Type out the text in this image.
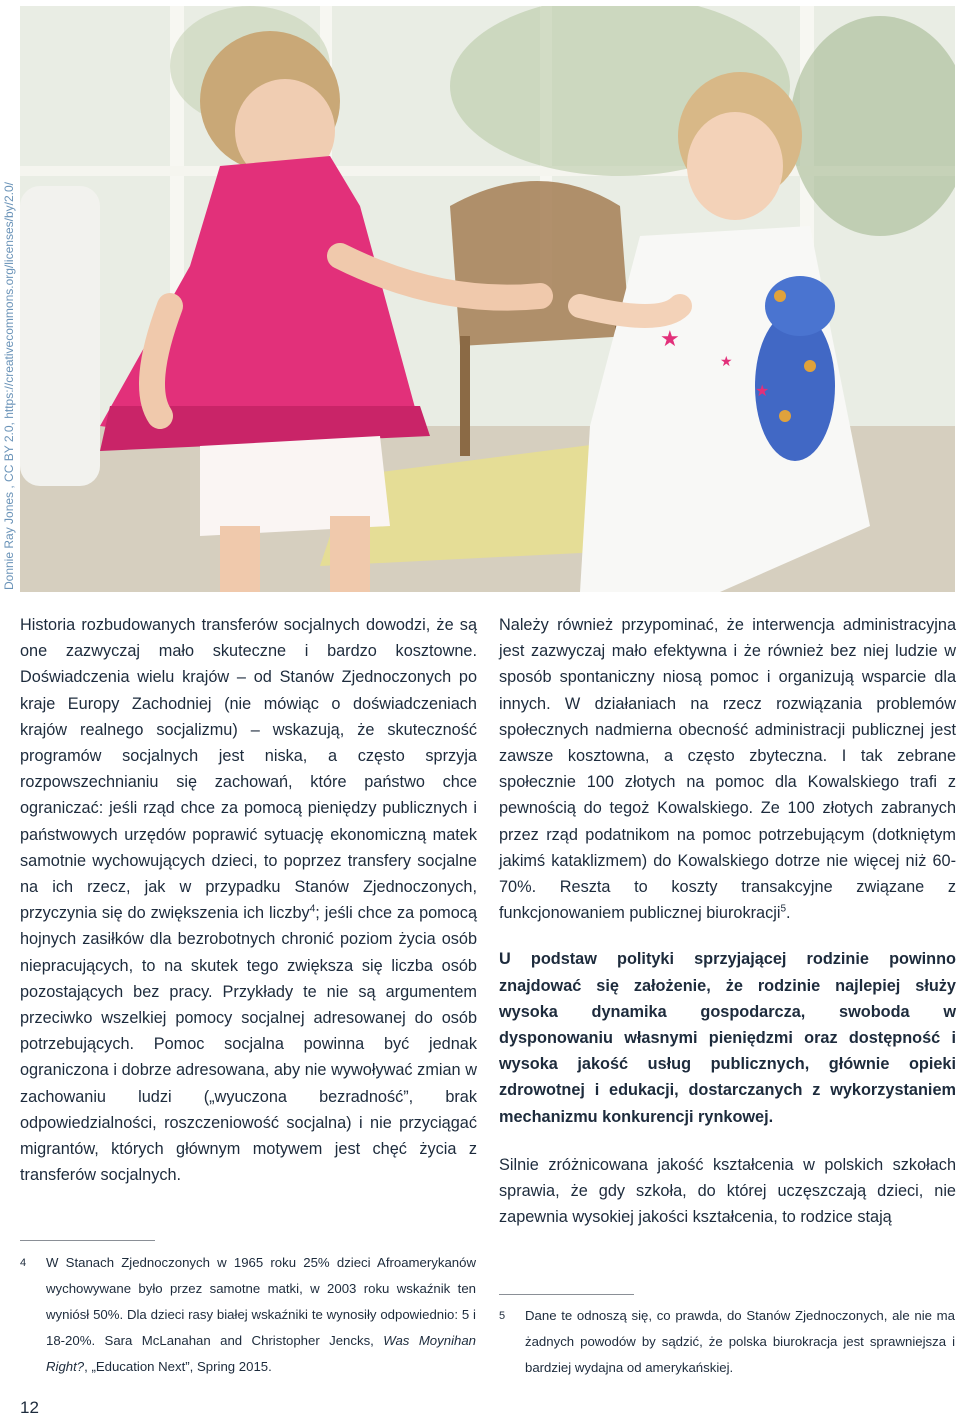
★
★
★
Donnie Ray Jones , CC BY 2.0, https://creativecommons.org/licenses/by/2.0/

Historia rozbudowanych transferów socjalnych dowodzi, że są one zazwyczaj mało skuteczne i bardzo kosztowne. Doświadczenia wielu krajów – od Stanów Zjednoczonych po kraje Europy Zachodniej (nie mówiąc o doświadczeniach krajów realnego socjalizmu) – wskazują, że skuteczność programów socjalnych jest niska, a często sprzyja rozpowszechnianiu się zachowań, które państwo chce ograniczać: jeśli rząd chce za pomocą pieniędzy publicznych i państwowych urzędów poprawić sytuację ekonomiczną matek samotnie wychowujących dzieci, to poprzez transfery socjalne na ich rzecz, jak w przypadku Stanów Zjednoczonych, przyczynia się do zwiększenia ich liczby$^4$; jeśli chce za pomocą hojnych zasiłków dla bezrobotnych chronić poziom życia osób niepracujących, to na skutek tego zwiększa się liczba osób pozostających bez pracy. Przykłady te nie są argumentem przeciwko wszelkiej pomocy socjalnej adresowanej do osób potrzebujących. Pomoc socjalna powinna być jednak ograniczona i dobrze adresowana, aby nie wywoływać zmian w zachowaniu ludzi („wyuczona bezradność”, brak odpowiedzialności, roszczeniowość socjalna) i nie przyciągać migrantów, których głównym motywem jest chęć życia z transferów socjalnych.

Należy również przypominać, że interwencja administracyjna jest zazwyczaj mało efektywna i że również bez niej ludzie w sposób spontaniczny niosą pomoc i organizują wsparcie dla innych. W działaniach na rzecz rozwiązania problemów społecznych nadmierna obecność administracji publicznej jest zawsze kosztowna, a często zbyteczna. I tak zebrane społecznie 100 złotych na pomoc dla Kowalskiego trafi z pewnością do tegoż Kowalskiego. Ze 100 złotych zabranych przez rząd podatnikom na pomoc potrzebującym (dotkniętym jakimś kataklizmem) do Kowalskiego dotrze nie więcej niż 60-70%. Reszta to koszty transakcyjne związane z funkcjonowaniem publicznej biurokracji$^5$.

U podstaw polityki sprzyjającej rodzinie powinno znajdować się założenie, że rodzinie najlepiej służy wysoka dynamika gospodarcza, swoboda w dysponowaniu własnymi pieniędzmi oraz dostępność i wysoka jakość usług publicznych, głównie opieki zdrowotnej i edukacji, dostarczanych z wykorzystaniem mechanizmu konkurencji rynkowej.

Silnie zróżnicowana jakość kształcenia w polskich szkołach sprawia, że gdy szkoła, do której uczęszczają dzieci, nie zapewnia wysokiej jakości kształcenia, to rodzice stają

4 W Stanach Zjednoczonych w 1965 roku 25% dzieci Afroamerykanów wychowywane było przez samotne matki, w 2003 roku wskaźnik ten wyniósł 50%. Dla dzieci rasy białej wskaźniki te wynosiły odpowiednio: 5 i 18-20%. Sara McLanahan and Christopher Jencks, Was Moynihan Right?, „Education Next”, Spring 2015.
5 Dane te odnoszą się, co prawda, do Stanów Zjednoczonych, ale nie ma żadnych powodów by sądzić, że polska biurokracja jest sprawniejsza i bardziej wydajna od amerykańskiej.
12
